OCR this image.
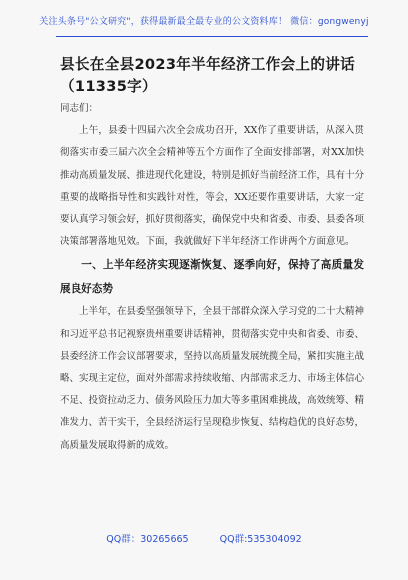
关注头条号"公文研究"，获得最新最全最专业的公文资料库！ 微信：gongwenyj
县长在全县2023年半年经济工作会上的讲话（11335字）

同志们：

上午，县委十四届六次全会成功召开，XX作了重要讲话，从深入贯彻落实市委三届六次全会精神等五个方面作了全面安排部署，对XX加快推动高质量发展、推进现代化建设，特别是抓好当前经济工作，具有十分重要的战略指导性和实践针对性，等会，XX还要作重要讲话，大家一定要认真学习领会好，抓好贯彻落实，确保党中央和省委、市委、县委各项决策部署落地见效。下面，我就做好下半年经济工作讲两个方面意见。

一、上半年经济实现逐渐恢复、逐季向好，保持了高质量发展良好态势

上半年，在县委坚强领导下，全县干部群众深入学习党的二十大精神和习近平总书记视察贵州重要讲话精神，贯彻落实党中央和省委、市委、县委经济工作会议部署要求，坚持以高质量发展统揽全局，紧扣实施主战略、实现主定位，面对外部需求持续收缩、内部需求乏力、市场主体信心不足、投资拉动乏力、债务风险压力加大等多重困难挑战，高效统筹、精准发力、苦干实干，全县经济运行呈现稳步恢复、结构趋优的良好态势，高质量发展取得新的成效。

QQ群：30265665	QQ群:535304092
